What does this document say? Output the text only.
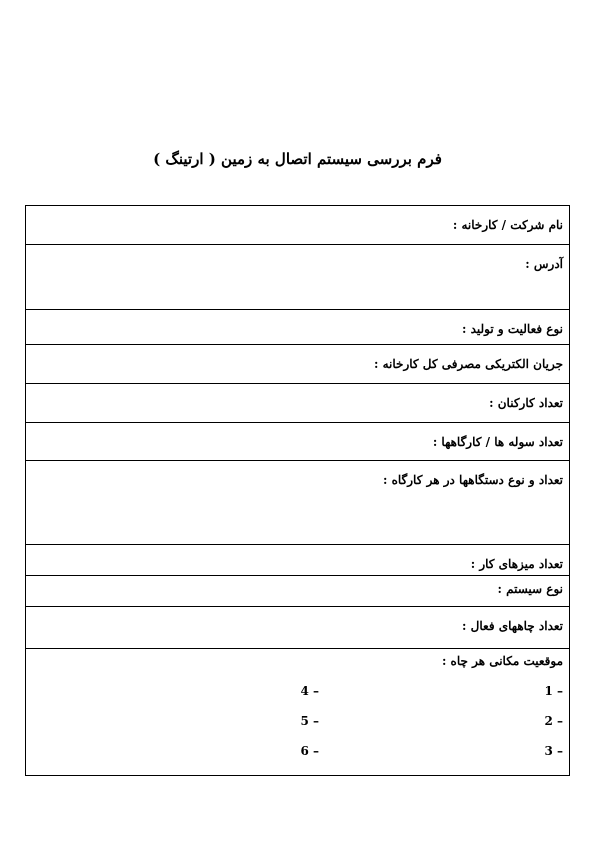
فرم بررسی سیستم اتصال به زمین ( ارتینگ )
نام شرکت / کارخانه :
آدرس :
نوع فعالیت و تولید :
جریان الکتریکی مصرفی کل کارخانه :
تعداد کارکنان :
تعداد سوله ها / کارگاهها :
تعداد و نوع دستگاهها در هر کارگاه :
تعداد میزهای کار :
نوع سیستم :
تعداد چاههای فعال :
موقعیت مکانی هر چاه :
1 –
2 –
3 –
4 –
5 –
6 –
